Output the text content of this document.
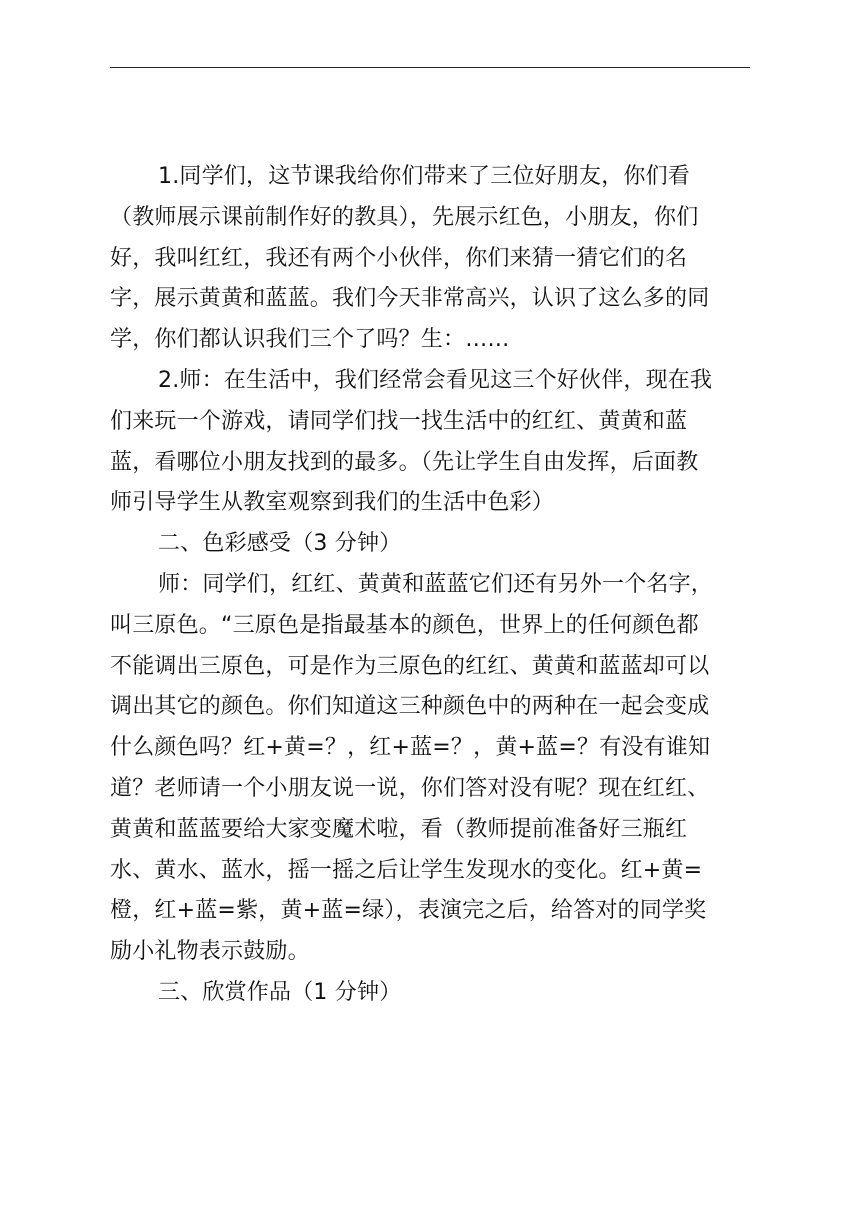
1.同学们，这节课我给你们带来了三位好朋友，你们看
（教师展示课前制作好的教具），先展示红色，小朋友，你们
好，我叫红红，我还有两个小伙伴，你们来猜一猜它们的名
字，展示黄黄和蓝蓝。我们今天非常高兴，认识了这么多的同
学，你们都认识我们三个了吗？生：……
2.师：在生活中，我们经常会看见这三个好伙伴，现在我
们来玩一个游戏，请同学们找一找生活中的红红、黄黄和蓝
蓝，看哪位小朋友找到的最多。（先让学生自由发挥，后面教
师引导学生从教室观察到我们的生活中色彩）
二、色彩感受（3 分钟）
师：同学们，红红、黄黄和蓝蓝它们还有另外一个名字，
叫三原色。“三原色是指最基本的颜色，世界上的任何颜色都
不能调出三原色，可是作为三原色的红红、黄黄和蓝蓝却可以
调出其它的颜色。你们知道这三种颜色中的两种在一起会变成
什么颜色吗？红+黄=？，红+蓝=？，黄+蓝=？有没有谁知
道？老师请一个小朋友说一说，你们答对没有呢？现在红红、
黄黄和蓝蓝要给大家变魔术啦，看（教师提前准备好三瓶红
水、黄水、蓝水，摇一摇之后让学生发现水的变化。红+黄=
橙，红+蓝=紫，黄+蓝=绿），表演完之后，给答对的同学奖
励小礼物表示鼓励。
三、欣赏作品（1 分钟）
